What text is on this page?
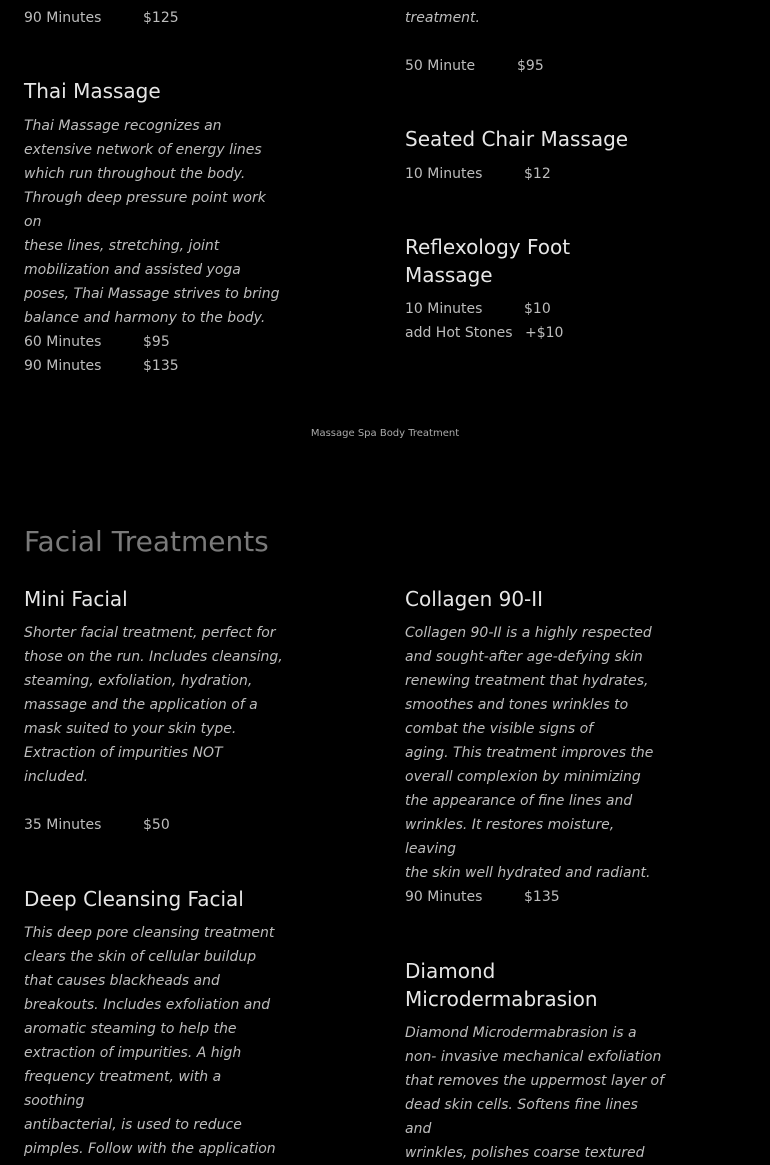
90 Minutes	$125	treatment.
50 Minute	$95
Thai Massage
Thai Massage recognizes an
extensive network of energy lines
which run throughout the body.
Through deep pressure point work on
these lines, stretching, joint
mobilization and assisted yoga
poses, Thai Massage strives to bring
balance and harmony to the body.
60 Minutes	$95
90 Minutes	$135
Seated Chair Massage
10 Minutes	$12
Reflexology Foot
Massage
10 Minutes	$10
add Hot Stones +$10
Massage Spa Body Treatment
Facial Treatments
Mini Facial
Shorter facial treatment, perfect for
those on the run. Includes cleansing,
steaming, exfoliation, hydration,
massage and the application of a
mask suited to your skin type.
Extraction of impurities NOT
included.
35 Minutes	$50
Collagen 90-II
Collagen 90-II is a highly respected
and sought-after age-defying skin
renewing treatment that hydrates,
smoothes and tones wrinkles to
combat the visible signs of
aging. This treatment improves the
overall complexion by minimizing
the appearance of fine lines and
wrinkles. It restores moisture, leaving
the skin well hydrated and radiant.
90 Minutes	$135
Deep Cleansing Facial
This deep pore cleansing treatment
clears the skin of cellular buildup
that causes blackheads and
breakouts. Includes exfoliation and
aromatic steaming to help the
extraction of impurities. A high
frequency treatment, with a soothing
antibacterial, is used to reduce
pimples. Follow with the application
Diamond
Microdermabrasion
Diamond Microdermabrasion is a
non- invasive mechanical exfoliation
that removes the uppermost layer of
dead skin cells. Softens fine lines and
wrinkles, polishes coarse textured
